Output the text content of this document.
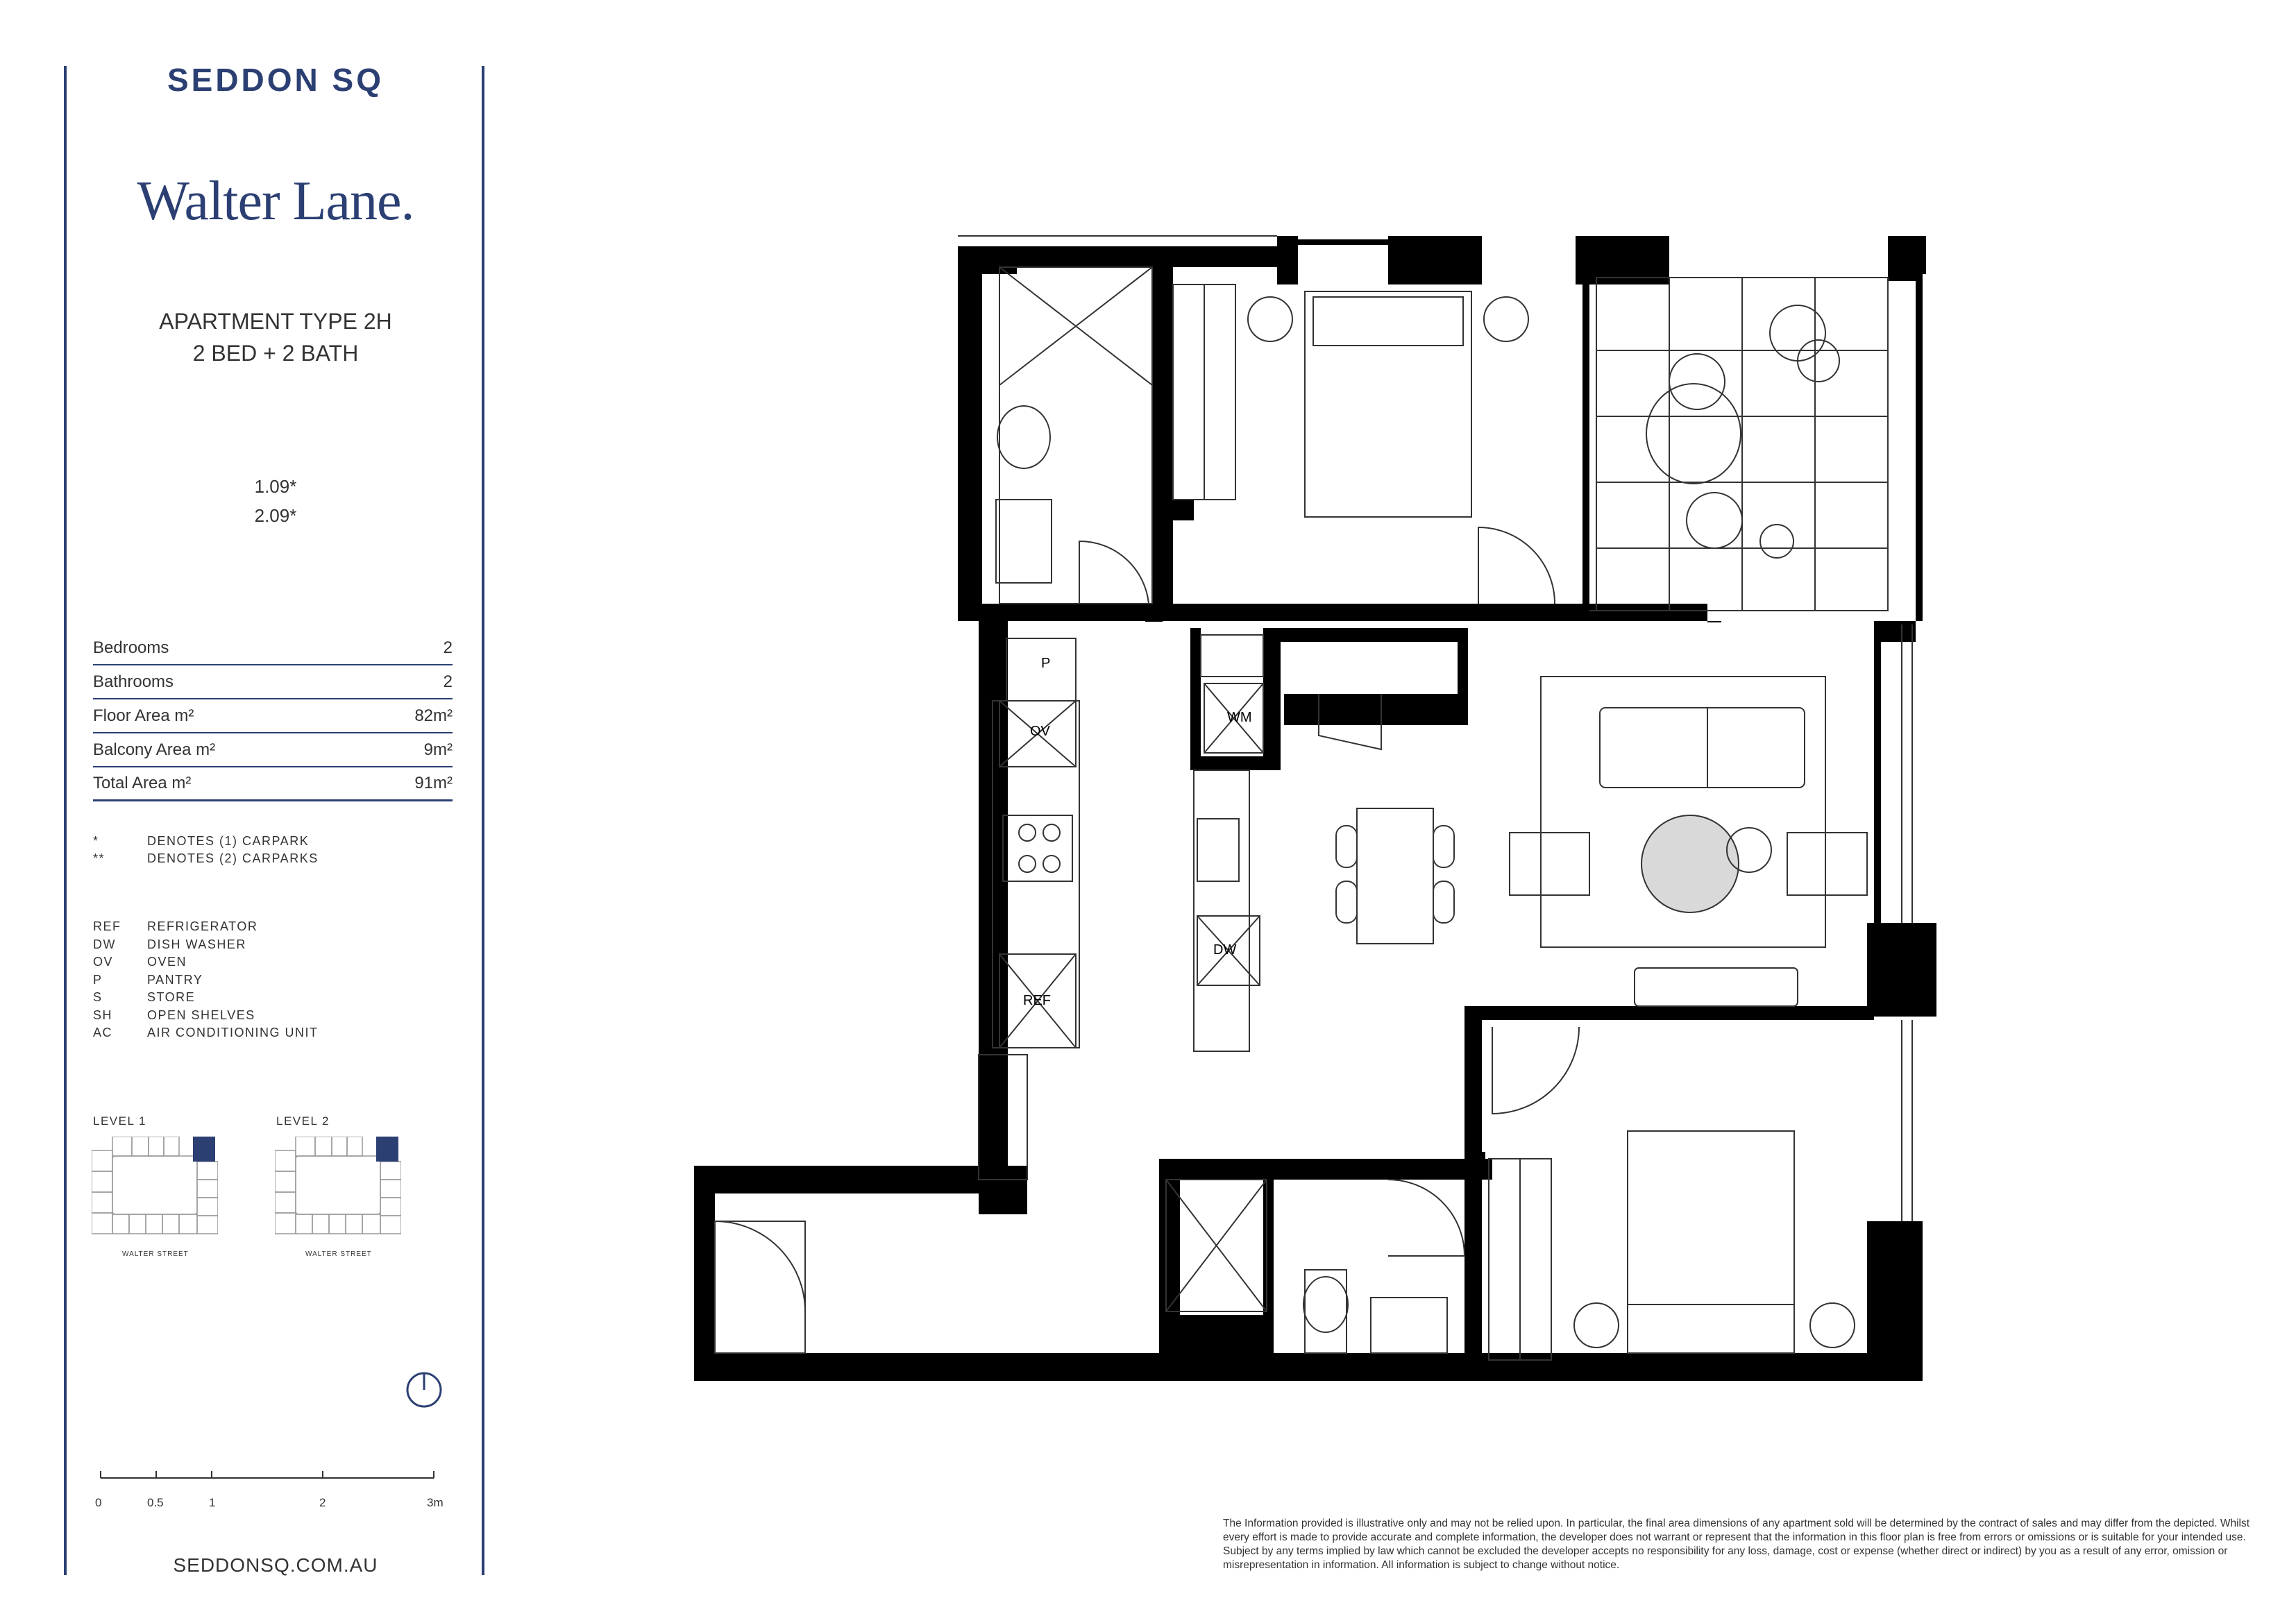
SEDDON SQ
Walter Lane.
APARTMENT TYPE 2H
2 BED + 2 BATH
1.09*
2.09*
Bedrooms	2
Bathrooms	2
Floor Area m²	82m²
Balcony Area m²	9m²
Total Area m²	91m²
*	DENOTES (1) CARPARK
**	DENOTES (2) CARPARKS
REF REFRIGERATOR
DW	DISH WASHER
OV	OVEN
P	PANTRY
S	STORE
SH	OPEN SHELVES
AC	AIR CONDITIONING UNIT
LEVEL 1	LEVEL 2
WALTER STREET	WALTER STREET
0	0.5	1	2	3m
SEDDONSQ.COM.AU
The Information provided is illustrative only and may not be relied upon. In particular, the final area dimensions of any apartment sold will be determined by the contract of sales and may differ from the depicted. Whilst every effort is made to provide accurate and complete information, the developer does not warrant or represent that the information in this floor plan is free from errors or omissions or is suitable for your intended use. Subject by any terms implied by law which cannot be excluded the developer accepts no responsibility for any loss, damage, cost or expense (whether direct or indirect) by you as a result of any error, omission or misrepresentation in information. All information is subject to change without notice.
P
OV
WM
DW
REF
S
